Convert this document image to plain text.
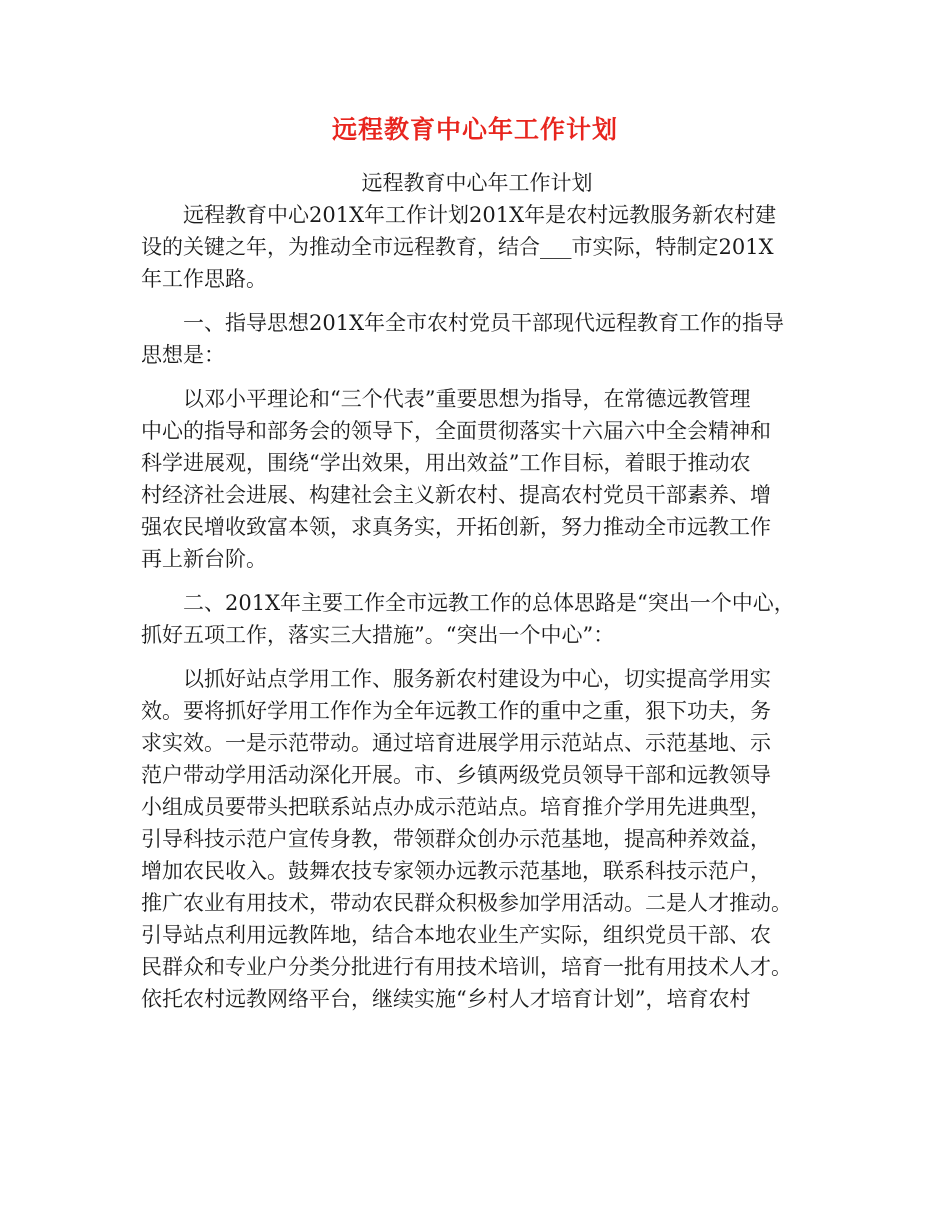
远程教育中心年工作计划
远程教育中心年工作计划

　　远程教育中心201X年工作计划201X年是农村远教服务新农村建
设的关键之年，为推动全市远程教育，结合___市实际，特制定201X
年工作思路。

　　一、指导思想201X年全市农村党员干部现代远程教育工作的指导
思想是：

　　以邓小平理论和“三个代表”重要思想为指导，在常德远教管理
中心的指导和部务会的领导下，全面贯彻落实十六届六中全会精神和
科学进展观，围绕“学出效果，用出效益”工作目标，着眼于推动农
村经济社会进展、构建社会主义新农村、提高农村党员干部素养、增
强农民增收致富本领，求真务实，开拓创新，努力推动全市远教工作
再上新台阶。

　　二、201X年主要工作全市远教工作的总体思路是“突出一个中心，
抓好五项工作，落实三大措施”。“突出一个中心”：

　　以抓好站点学用工作、服务新农村建设为中心，切实提高学用实
效。要将抓好学用工作作为全年远教工作的重中之重，狠下功夫，务
求实效。一是示范带动。通过培育进展学用示范站点、示范基地、示
范户带动学用活动深化开展。市、乡镇两级党员领导干部和远教领导
小组成员要带头把联系站点办成示范站点。培育推介学用先进典型，
引导科技示范户宣传身教，带领群众创办示范基地，提高种养效益，
增加农民收入。鼓舞农技专家领办远教示范基地，联系科技示范户，
推广农业有用技术，带动农民群众积极参加学用活动。二是人才推动。
引导站点利用远教阵地，结合本地农业生产实际，组织党员干部、农
民群众和专业户分类分批进行有用技术培训，培育一批有用技术人才。
依托农村远教网络平台，继续实施“乡村人才培育计划”，培育农村
